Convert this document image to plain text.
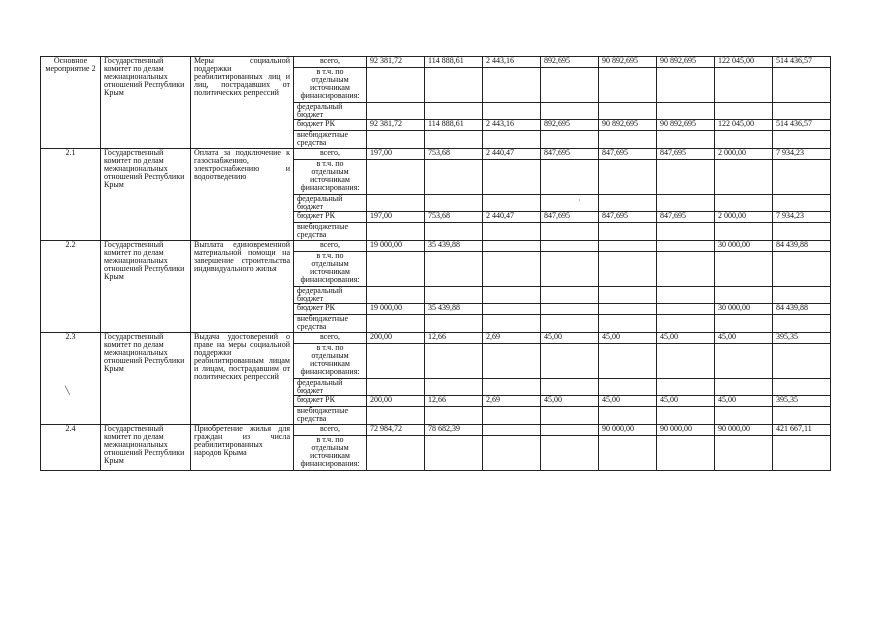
Основное мероприятие 2	Государственный комитет по делам межнациональных отношений Республики Крым	Меры социальной поддержки реабилитированных лиц и лиц, пострадавших от политических репрессий	всего,	92 381,72	114 888,61	2 443,16	892,695	90 892,695	90 892,695	122 045,00	514 436,57
			в т.ч. по отдельным источникам финансирования:								
			федеральный бюджет								
			бюджет РК	92 381,72	114 888,61	2 443,16	892,695	90 892,695	90 892,695	122 045,00	514 436,57
			внебюджетные средства								
2.1	Государственный комитет по делам межнациональных отношений Республики Крым	Оплата за подключение к газоснабжению, электроснабжению и водоотведению	всего,	197,00	753,68	2 440,47	847,695	847,695	847,695	2 000,00	7 934,23
			в т.ч. по отдельным источникам финансирования:								
			федеральный бюджет								
			бюджет РК	197,00	753,68	2 440,47	847,695	847,695	847,695	2 000,00	7 934,23
			внебюджетные средства								
2.2	Государственный комитет по делам межнациональных отношений Республики Крым	Выплата единовременной материальной помощи на завершение строительства индивидуального жилья	всего,	19 000,00	35 439,88					30 000,00	84 439,88
			в т.ч. по отдельным источникам финансирования:								
			федеральный бюджет								
			бюджет РК	19 000,00	35 439,88					30 000,00	84 439,88
			внебюджетные средства								
2.3	Государственный комитет по делам межнациональных отношений Республики Крым	Выдача удостоверений о праве на меры социальной поддержки реабилитированным лицам и лицам, пострадавшим от политических репрессий	всего,	200,00	12,66	2,69	45,00	45,00	45,00	45,00	395,35
			в т.ч. по отдельным источникам финансирования:								
			федеральный бюджет								
			бюджет РК	200,00	12,66	2,69	45,00	45,00	45,00	45,00	395,35
			внебюджетные средства								
2.4	Государственный комитет по делам межнациональных отношений Республики Крым	Приобретение жилья для граждан из числа реабилитированных народов Крыма	всего,	72 984,72	78 682,39			90 000,00	90 000,00	90 000,00	421 667,11
			в т.ч. по отдельным источникам финансирования:								
╲
·
